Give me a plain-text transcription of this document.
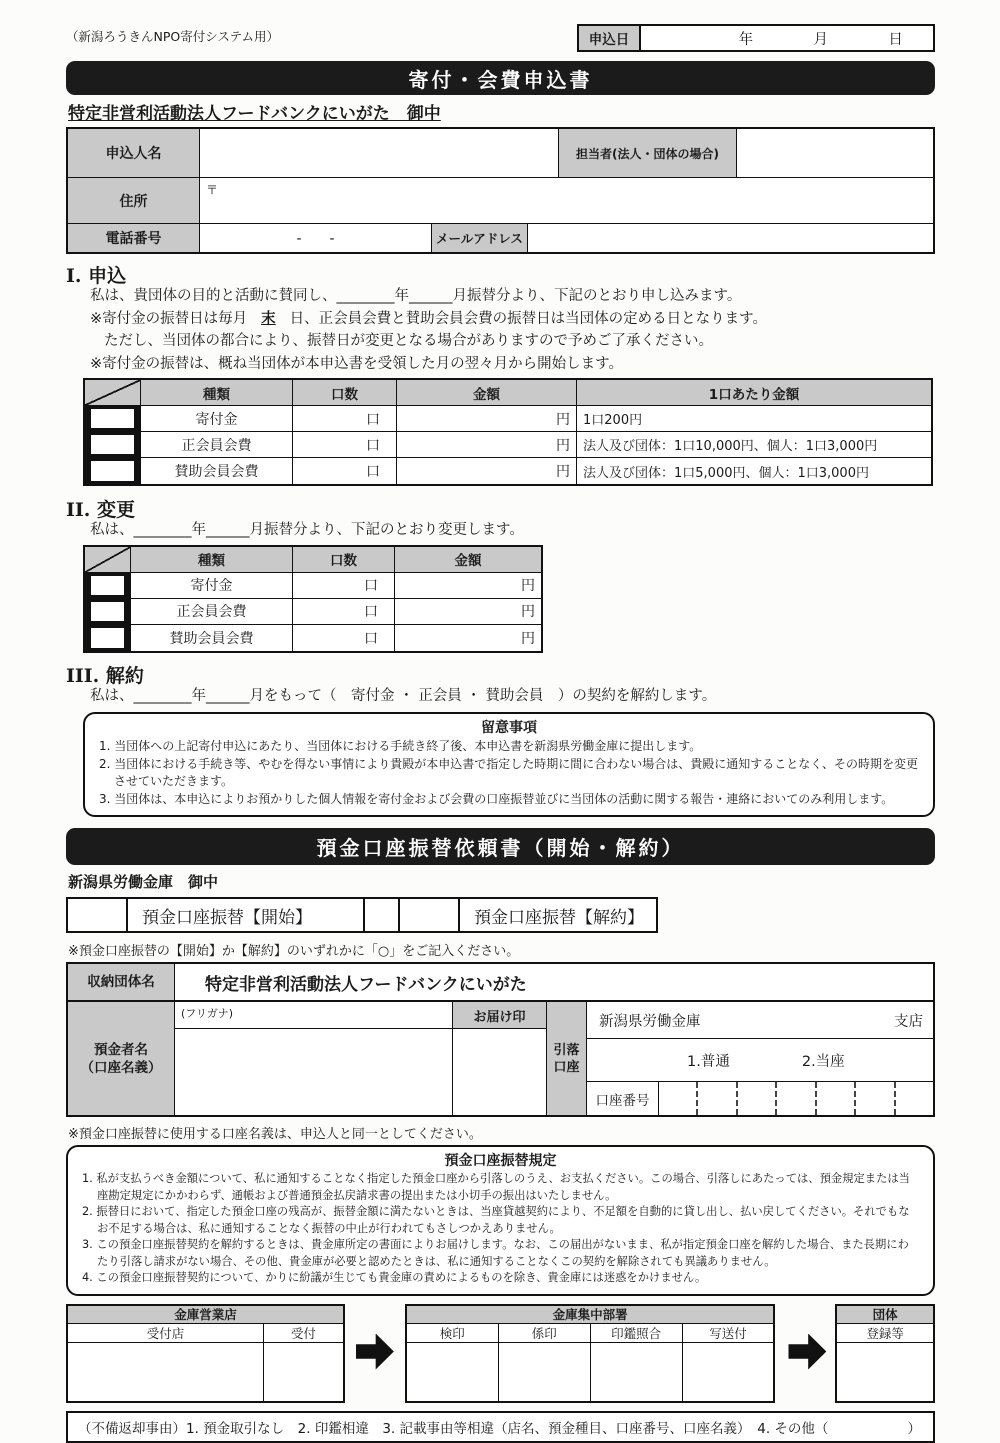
（新潟ろうきんNPO寄付システム用）	申込日	年	月	日
寄付・会費申込書
特定非営利活動法人フードバンクにいがた　御中
申込人名	担当者(法人・団体の場合)
住所
〒
電話番号	-　　-	メールアドレス
I. 申込
私は、貴団体の目的と活動に賛同し、________年______月振替分より、下記のとおり申し込みます。
※寄付金の振替日は毎月 末 日、正会員会費と賛助会員会費の振替日は当団体の定める日となります。
ただし、当団体の都合により、振替日が変更となる場合がありますので予めご了承ください。
※寄付金の振替は、概ね当団体が本申込書を受領した月の翌々月から開始します。
種類	口数	金額	1口あたり金額
寄付金	口	円	1口200円
正会員会費	口	円	法人及び団体：1口10,000円、個人：1口3,000円
賛助会員会費	口	円	法人及び団体：1口5,000円、個人：1口3,000円
II. 変更
私は、________年______月振替分より、下記のとおり変更します。
種類	口数	金額
寄付金	口	円
正会員会費	口	円
賛助会員会費	口	円
III. 解約
私は、________年______月をもって（　寄付金 ・ 正会員 ・ 賛助会員　）の契約を解約します。
留意事項
1. 当団体への上記寄付申込にあたり、当団体における手続き終了後、本申込書を新潟県労働金庫に提出します。
2. 当団体における手続き等、やむを得ない事情により貴殿が本申込書で指定した時期に間に合わない場合は、貴殿に通知することなく、その時期を変更させていただきます。
3. 当団体は、本申込によりお預かりした個人情報を寄付金および会費の口座振替並びに当団体の活動に関する報告・連絡においてのみ利用します。
預金口座振替依頼書（開始・解約）
新潟県労働金庫　御中
預金口座振替【開始】	預金口座振替【解約】
※預金口座振替の【開始】か【解約】のいずれかに「○」をご記入ください。
収納団体名	特定非営利活動法人フードバンクにいがた
預金者名
（口座名義）
(フリガナ)	お届け印
引落
口座
新潟県労働金庫	支店
1.普通	2.当座
口座番号
※預金口座振替に使用する口座名義は、申込人と同一としてください。
預金口座振替規定
1. 私が支払うべき金額について、私に通知することなく指定した預金口座から引落しのうえ、お支払ください。この場合、引落しにあたっては、預金規定または当座勘定規定にかかわらず、通帳および普通預金払戻請求書の提出または小切手の振出はいたしません。
2. 振替日において、指定した預金口座の残高が、振替金額に満たないときは、当座貸越契約により、不足額を自動的に貸し出し、払い戻してください。それでもなお不足する場合は、私に通知することなく振替の中止が行われてもさしつかえありません。
3. この預金口座振替契約を解約するときは、貴金庫所定の書面によりお届けします。なお、この届出がないまま、私が指定預金口座を解約した場合、また長期にわたり引落し請求がない場合、その他、貴金庫が必要と認めたときは、私に通知することなくこの契約を解除されても異議ありません。
4. この預金口座振替契約について、かりに紛議が生じても貴金庫の責めによるものを除き、貴金庫には迷惑をかけません。
金庫営業店
受付店	受付
金庫集中部署
検印	係印	印鑑照合	写送付
団体
登録等
（不備返却事由）1. 預金取引なし　2. 印鑑相違　3. 記載事由等相違（店名、預金種目、口座番号、口座名義）　4. その他（	）
